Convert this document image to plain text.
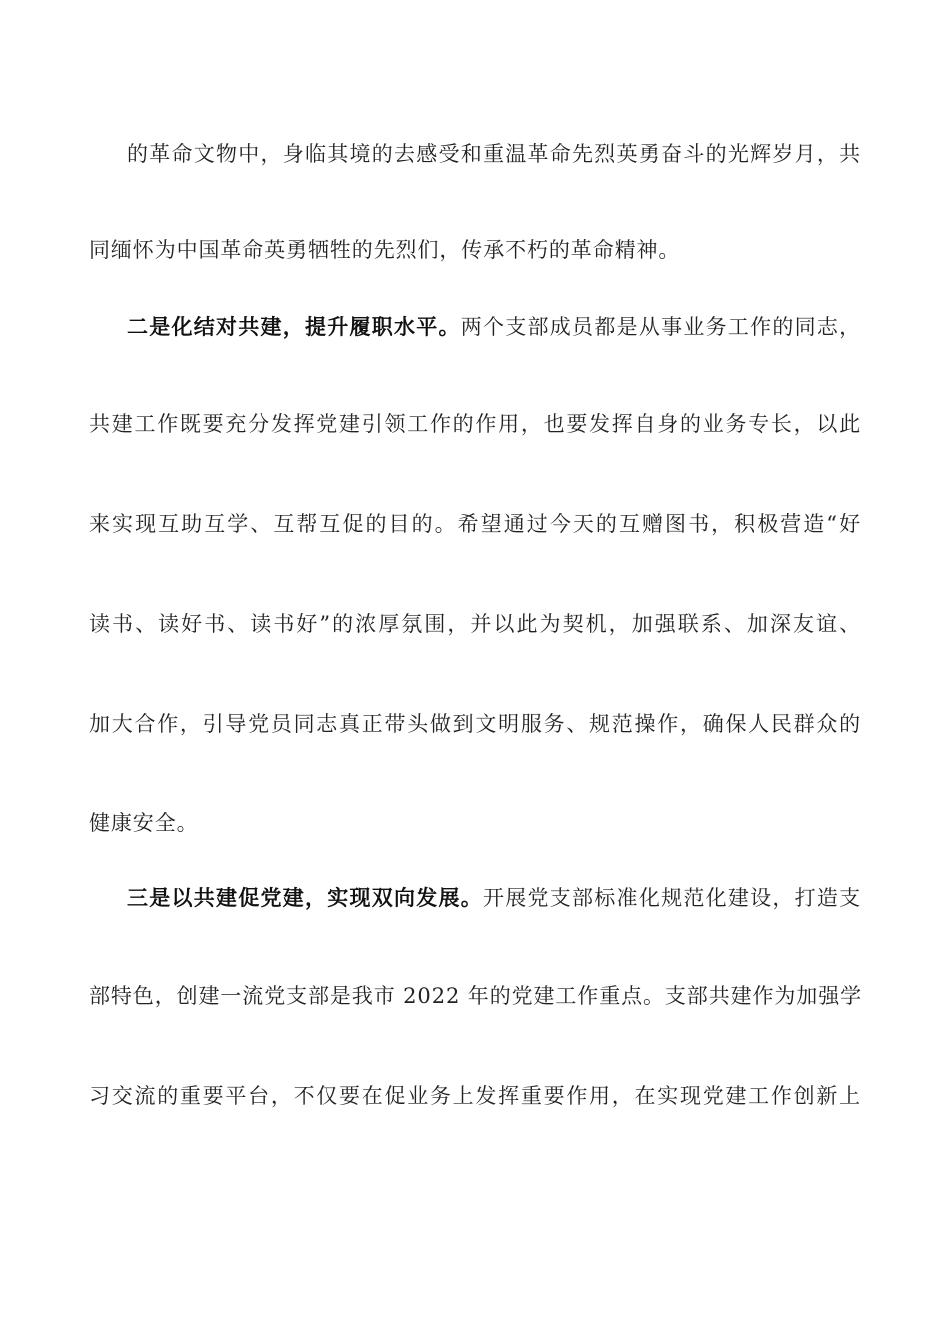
的革命文物中，身临其境的去感受和重温革命先烈英勇奋斗的光辉岁月，共
同缅怀为中国革命英勇牺牲的先烈们，传承不朽的革命精神。
二是化结对共建，提升履职水平。两个支部成员都是从事业务工作的同志，
共建工作既要充分发挥党建引领工作的作用，也要发挥自身的业务专长，以此
来实现互助互学、互帮互促的目的。希望通过今天的互赠图书，积极营造“好
读书、读好书、读书好”的浓厚氛围，并以此为契机，加强联系、加深友谊、
加大合作，引导党员同志真正带头做到文明服务、规范操作，确保人民群众的
健康安全。
三是以共建促党建，实现双向发展。开展党支部标准化规范化建设，打造支
部特色，创建一流党支部是我市 2022 年的党建工作重点。支部共建作为加强学
习交流的重要平台，不仅要在促业务上发挥重要作用，在实现党建工作创新上
